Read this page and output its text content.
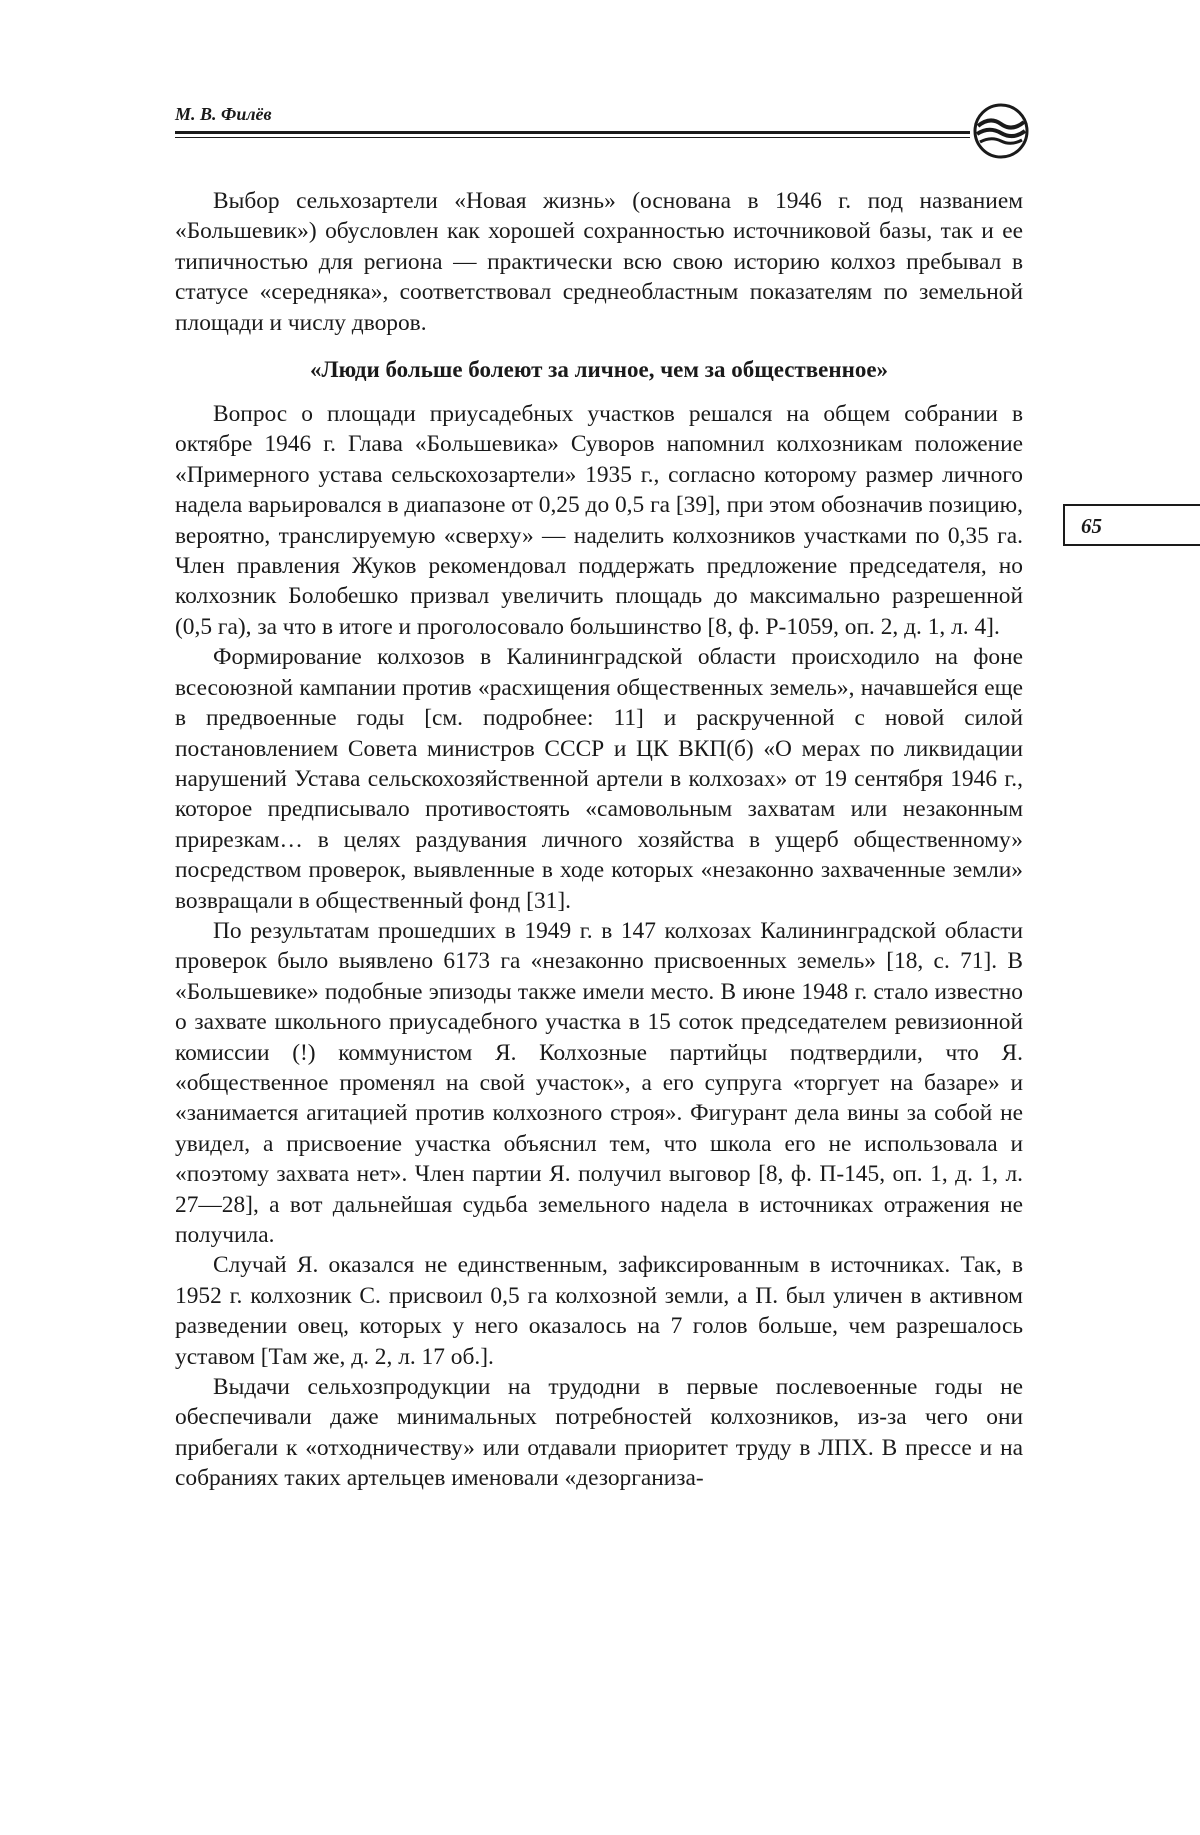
М. В. Филёв
65

Выбор сельхозартели «Новая жизнь» (основана в 1946 г. под названием «Большевик») обусловлен как хорошей сохранностью источниковой базы, так и ее типичностью для региона — практически всю свою историю колхоз пребывал в статусе «середняка», соответствовал среднеобластным показателям по земельной площади и числу дворов.

«Люди больше болеют за личное, чем за общественное»

Вопрос о площади приусадебных участков решался на общем собрании в октябре 1946 г. Глава «Большевика» Суворов напомнил колхозникам положение «Примерного устава сельскохозартели» 1935 г., согласно которому размер личного надела варьировался в диапазоне от 0,25 до 0,5 га [39], при этом обозначив позицию, вероятно, транслируемую «сверху» — наделить колхозников участками по 0,35 га. Член правления Жуков рекомендовал поддержать предложение председателя, но колхозник Болобешко призвал увеличить площадь до максимально разрешенной (0,5 га), за что в итоге и проголосовало большинство [8, ф. Р-1059, оп. 2, д. 1, л. 4].

Формирование колхозов в Калининградской области происходило на фоне всесоюзной кампании против «расхищения общественных земель», начавшейся еще в предвоенные годы [см. подробнее: 11] и раскрученной с новой силой постановлением Совета министров СССР и ЦК ВКП(б) «О мерах по ликвидации нарушений Устава сельскохозяйственной артели в колхозах» от 19 сентября 1946 г., которое предписывало противостоять «самовольным захватам или незаконным прирезкам… в целях раздувания личного хозяйства в ущерб общественному» посредством проверок, выявленные в ходе которых «незаконно захваченные земли» возвращали в общественный фонд [31].

По результатам прошедших в 1949 г. в 147 колхозах Калининградской области проверок было выявлено 6173 га «незаконно присвоенных земель» [18, с. 71]. В «Большевике» подобные эпизоды также имели место. В июне 1948 г. стало известно о захвате школьного приусадебного участка в 15 соток председателем ревизионной комиссии (!) коммунистом Я. Колхозные партийцы подтвердили, что Я. «общественное променял на свой участок», а его супруга «торгует на базаре» и «занимается агитацией против колхозного строя». Фигурант дела вины за собой не увидел, а присвоение участка объяснил тем, что школа его не использовала и «поэтому захвата нет». Член партии Я. получил выговор [8, ф. П-145, оп. 1, д. 1, л. 27—28], а вот дальнейшая судьба земельного надела в источниках отражения не получила.

Случай Я. оказался не единственным, зафиксированным в источниках. Так, в 1952 г. колхозник С. присвоил 0,5 га колхозной земли, а П. был уличен в активном разведении овец, которых у него оказалось на 7 голов больше, чем разрешалось уставом [Там же, д. 2, л. 17 об.].

Выдачи сельхозпродукции на трудодни в первые послевоенные годы не обеспечивали даже минимальных потребностей колхозников, из-за чего они прибегали к «отходничеству» или отдавали приоритет труду в ЛПХ. В прессе и на собраниях таких артельцев именовали «дезорганиза-
